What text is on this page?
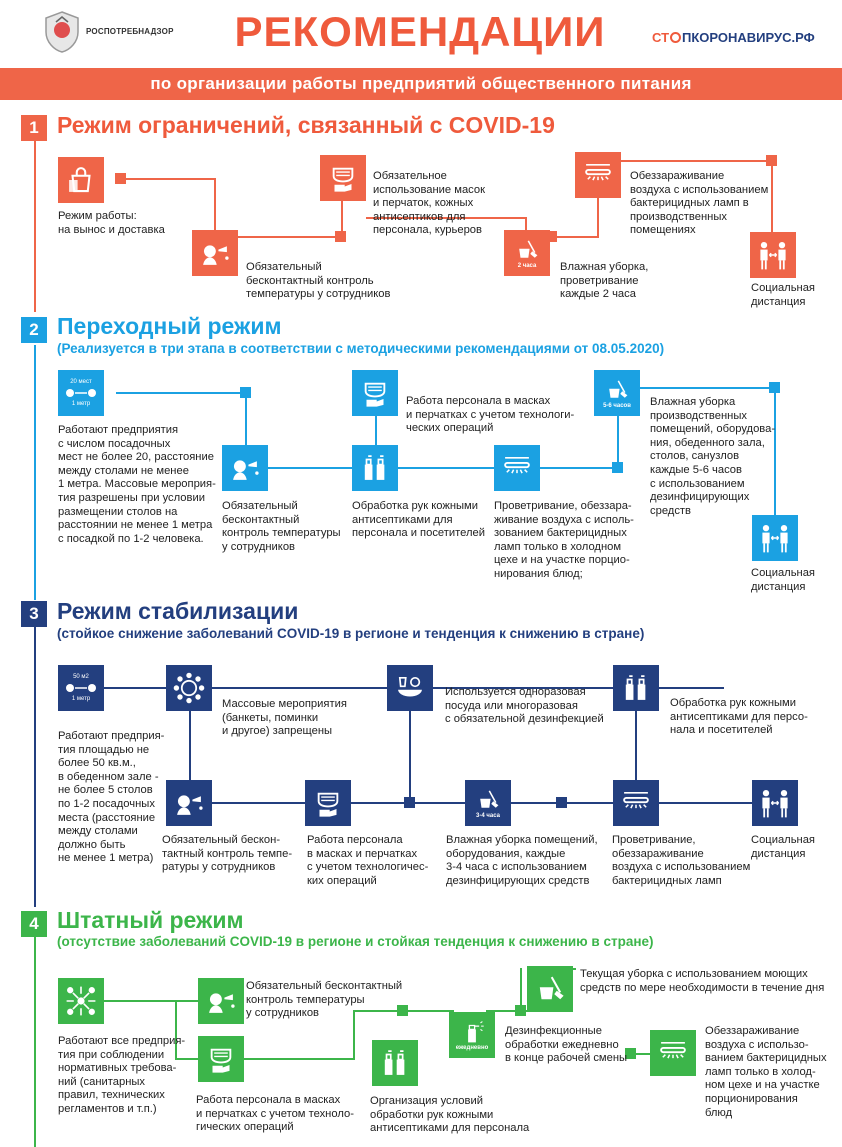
РОСПОТРЕБНАДЗОР РЕКОМЕНДАЦИИ	СТ ПКОРОНАВИРУС.РФ
по организации работы предприятий общественного питания
1 Режим ограничений, связанный с COVID-19
2 часа
Режим работы:
на вынос и доставка
Обязательный
бесконтактный контроль
температуры у сотрудников
Обязательное
использование масок
и перчаток, кожных
антисептиков для
персонала, курьеров
Влажная уборка,
проветривание
каждые 2 часа
Обеззараживание
воздуха с использованием
бактерицидных ламп в
производственных
помещениях
Социальная
дистанция
2 Переходный режим
(Реализуется в три этапа в соответствии с методическими рекомендациями от 08.05.2020)
20 мест
1 метр	5-6 часов
Работают предприятия
с числом посадочных
мест не более 20, расстояние
между столами не менее
1 метра. Массовые мероприя-
тия разрешены при условии
размещении столов на
расстоянии не менее 1 метра
с посадкой по 1-2 человека.
Обязательный
бесконтактный
контроль температуры
у сотрудников
Работа персонала в масках
и перчатках с учетом технологи-
ческих операций
Обработка рук кожными
антисептиками для
персонала и посетителей
Проветривание, обеззара-
живание воздуха с исполь-
зованием бактерицидных
ламп только в холодном
цехе и на участке порцио-
нирования блюд;
Влажная уборка
производственных
помещений, оборудова-
ния, обеденного зала,
столов, санузлов
каждые 5-6 часов
с использованием
дезинфицирующих
средств
Социальная
дистанция
3 Режим стабилизации
(стойкое снижение заболеваний COVID-19 в регионе и тенденция к снижению в стране)
50 м2
1 метр
3-4 часа
Работают предприя-
тия площадью не
более 50 кв.м.,
в обеденном зале -
не более 5 столов
по 1-2 посадочных
места (расстояние
между столами
должно быть
не менее 1 метра)
Массовые мероприятия
(банкеты, поминки
и другое) запрещены
Используется одноразовая
посуда или многоразовая
с обязательной дезинфекцией
Обработка рук кожными
антисептиками для персо-
нала и посетителей
Обязательный бескон-
тактный контроль темпе-
ратуры у сотрудников
Работа персонала
в масках и перчатках
с учетом технологичес-
ких операций
Влажная уборка помещений,
оборудования, каждые
3-4 часа с использованием
дезинфицирующих средств
Проветривание,
обеззараживание
воздуха с использованием
бактерицидных ламп
Социальная
дистанция
4 Штатный режим
(отсутствие заболеваний COVID-19 в регионе и стойкая тенденция к снижению в стране)
ежедневно
Работают все предприя-
тия при соблюдении
нормативных требова-
ний (санитарных
правил, технических
регламентов и т.п.)
Обязательный бесконтактный
контроль температуры
у сотрудников
Работа персонала в масках
и перчатках с учетом техноло-
гических операций
Организация условий
обработки рук кожными
антисептиками для персонала
Дезинфекционные
обработки ежедневно
в конце рабочей смены
Текущая уборка с использованием моющих
средств по мере необходимости в течение дня
Обеззараживание
воздуха с использо-
ванием бактерицидных
ламп только в холод-
ном цехе и на участке
порционирования
блюд
